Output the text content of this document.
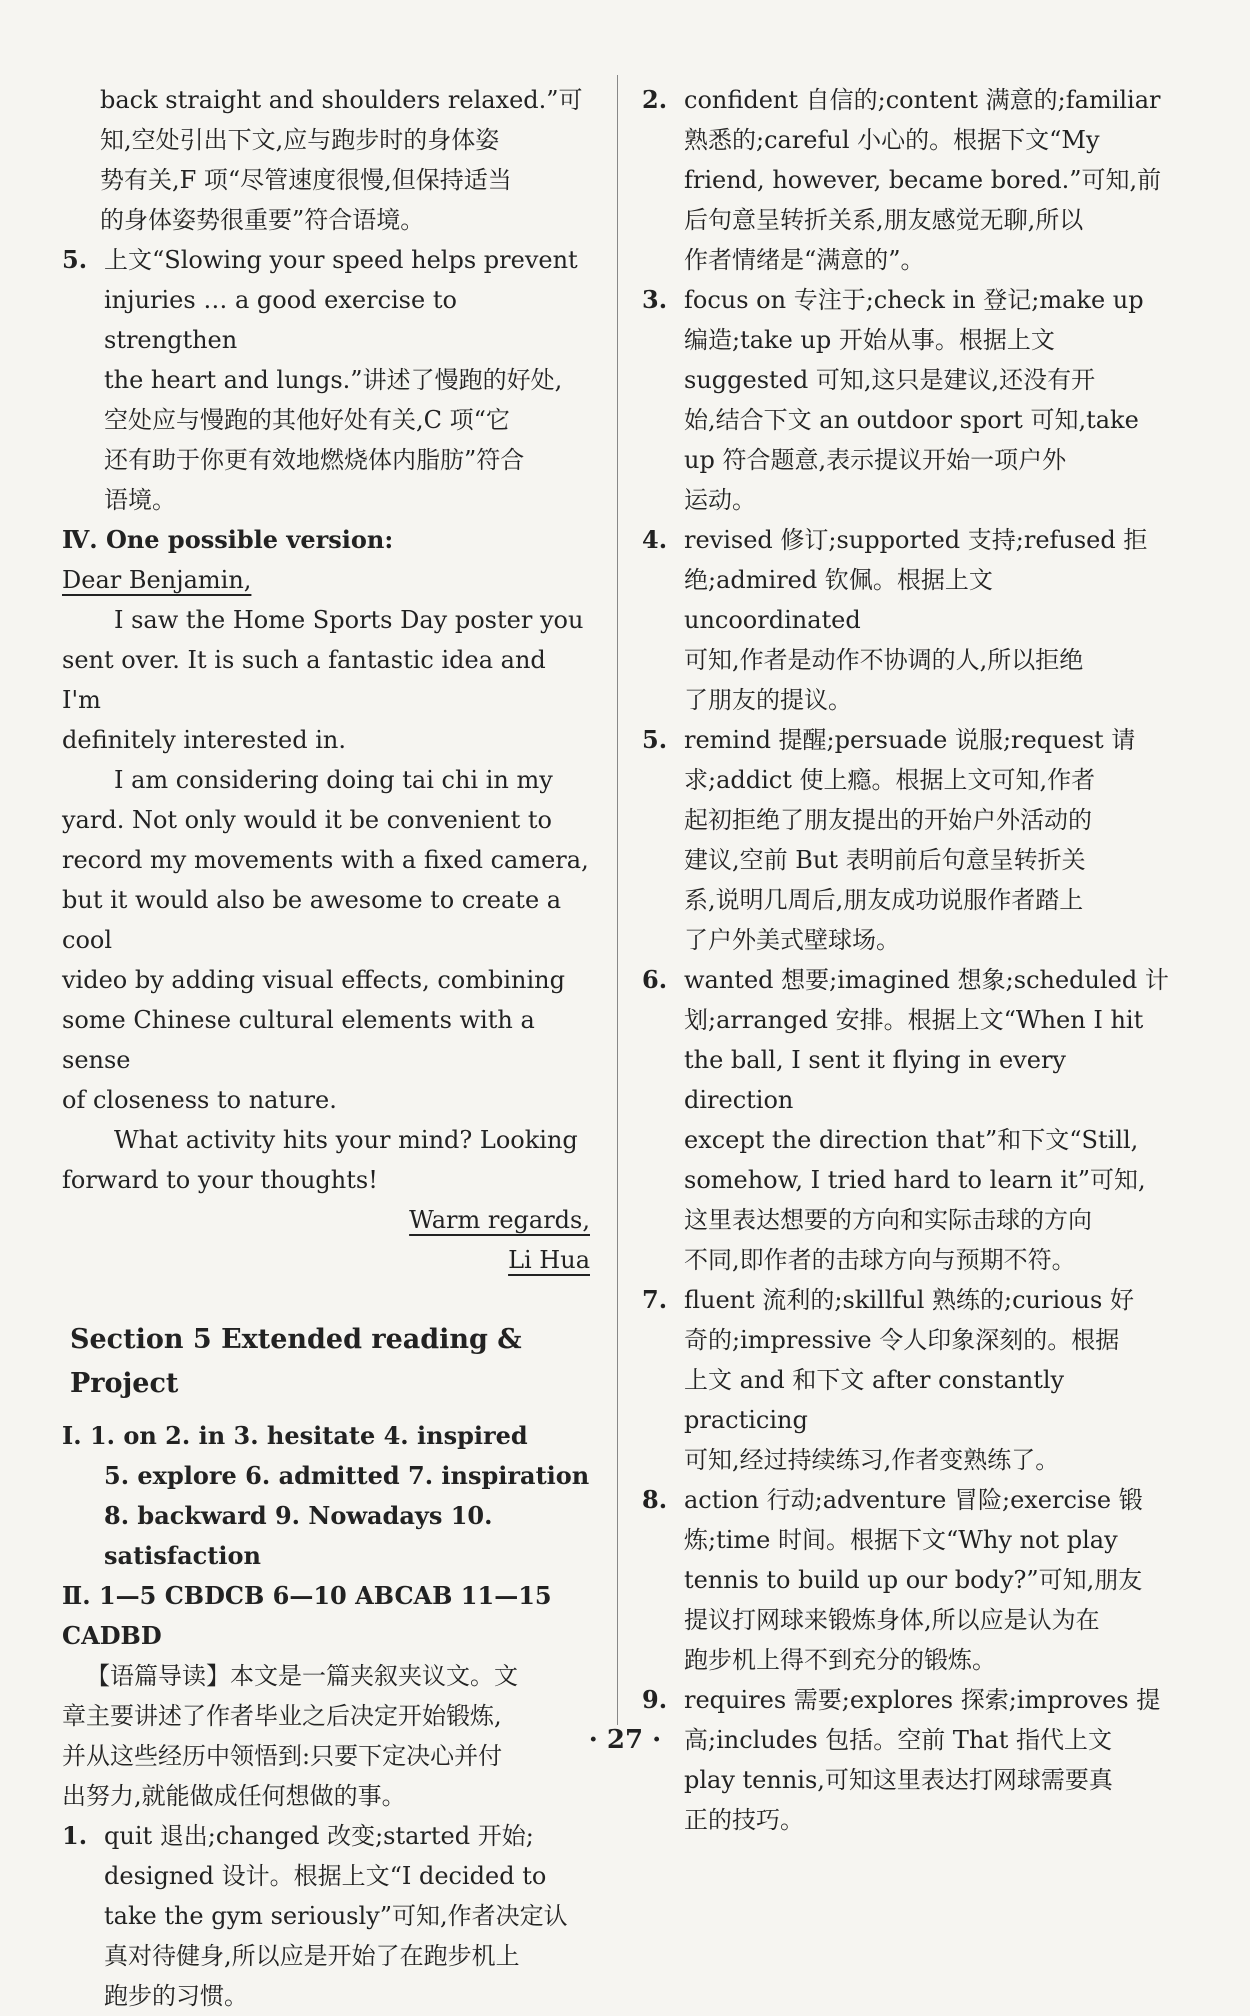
back straight and shoulders relaxed.”可

知,空处引出下文,应与跑步时的身体姿

势有关,F 项“尽管速度很慢,但保持适当

的身体姿势很重要”符合语境。

5. 上文“Slowing your speed helps prevent

injuries … a good exercise to strengthen

the heart and lungs.”讲述了慢跑的好处,

空处应与慢跑的其他好处有关,C 项“它

还有助于你更有效地燃烧体内脂肪”符合

语境。

Ⅳ. One possible version:

Dear Benjamin,

I saw the Home Sports Day poster you

sent over. It is such a fantastic idea and I'm

definitely interested in.

I am considering doing tai chi in my

yard. Not only would it be convenient to

record my movements with a fixed camera,

but it would also be awesome to create a cool

video by adding visual effects, combining

some Chinese cultural elements with a sense

of closeness to nature.

What activity hits your mind? Looking

forward to your thoughts!

Warm regards,

Li Hua

Section 5 Extended reading & Project

Ⅰ. 1. on 2. in 3. hesitate 4. inspired

5. explore 6. admitted 7. inspiration

8. backward 9. Nowadays 10. satisfaction

Ⅱ. 1—5 CBDCB 6—10 ABCAB 11—15 CADBD

【语篇导读】本文是一篇夹叙夹议文。文

章主要讲述了作者毕业之后决定开始锻炼,

并从这些经历中领悟到:只要下定决心并付

出努力,就能做成任何想做的事。

1. quit 退出;changed 改变;started 开始;

designed 设计。根据上文“I decided to

take the gym seriously”可知,作者决定认

真对待健身,所以应是开始了在跑步机上

跑步的习惯。

2. confident 自信的;content 满意的;familiar

熟悉的;careful 小心的。根据下文“My

friend, however, became bored.”可知,前

后句意呈转折关系,朋友感觉无聊,所以

作者情绪是“满意的”。

3. focus on 专注于;check in 登记;make up

编造;take up 开始从事。根据上文

suggested 可知,这只是建议,还没有开

始,结合下文 an outdoor sport 可知,take

up 符合题意,表示提议开始一项户外

运动。

4. revised 修订;supported 支持;refused 拒

绝;admired 钦佩。根据上文 uncoordinated

可知,作者是动作不协调的人,所以拒绝

了朋友的提议。

5. remind 提醒;persuade 说服;request 请

求;addict 使上瘾。根据上文可知,作者

起初拒绝了朋友提出的开始户外活动的

建议,空前 But 表明前后句意呈转折关

系,说明几周后,朋友成功说服作者踏上

了户外美式壁球场。

6. wanted 想要;imagined 想象;scheduled 计

划;arranged 安排。根据上文“When I hit

the ball, I sent it flying in every direction

except the direction that”和下文“Still,

somehow, I tried hard to learn it”可知,

这里表达想要的方向和实际击球的方向

不同,即作者的击球方向与预期不符。

7. fluent 流利的;skillful 熟练的;curious 好

奇的;impressive 令人印象深刻的。根据

上文 and 和下文 after constantly practicing

可知,经过持续练习,作者变熟练了。

8. action 行动;adventure 冒险;exercise 锻

炼;time 时间。根据下文“Why not play

tennis to build up our body?”可知,朋友

提议打网球来锻炼身体,所以应是认为在

跑步机上得不到充分的锻炼。

9. requires 需要;explores 探索;improves 提

高;includes 包括。空前 That 指代上文

play tennis,可知这里表达打网球需要真

正的技巧。

· 27 ·
